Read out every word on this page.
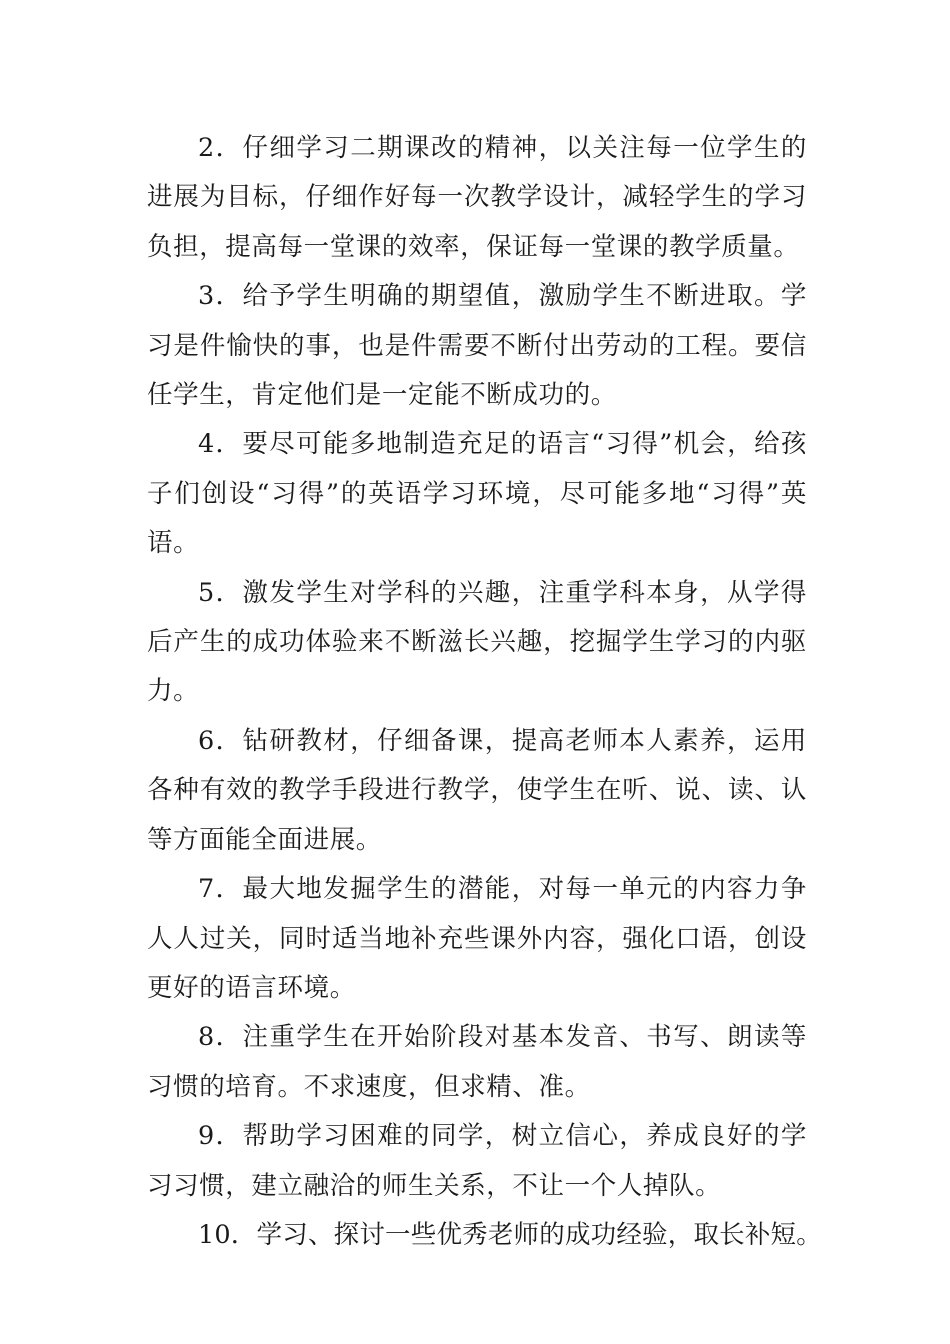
2．仔细学习二期课改的精神，以关注每一位学生的进展为目标，仔细作好每一次教学设计，减轻学生的学习负担，提高每一堂课的效率，保证每一堂课的教学质量。

3．给予学生明确的期望值，激励学生不断进取。学习是件愉快的事，也是件需要不断付出劳动的工程。要信任学生，肯定他们是一定能不断成功的。

4．要尽可能多地制造充足的语言“习得”机会，给孩子们创设“习得”的英语学习环境，尽可能多地“习得”英语。

5．激发学生对学科的兴趣，注重学科本身，从学得后产生的成功体验来不断滋长兴趣，挖掘学生学习的内驱力。

6．钻研教材，仔细备课，提高老师本人素养，运用各种有效的教学手段进行教学，使学生在听、说、读、认等方面能全面进展。

7．最大地发掘学生的潜能，对每一单元的内容力争人人过关，同时适当地补充些课外内容，强化口语，创设更好的语言环境。

8．注重学生在开始阶段对基本发音、书写、朗读等习惯的培育。不求速度，但求精、准。

9．帮助学习困难的同学，树立信心，养成良好的学习习惯，建立融洽的师生关系，不让一个人掉队。

10．学习、探讨一些优秀老师的成功经验，取长补短。
